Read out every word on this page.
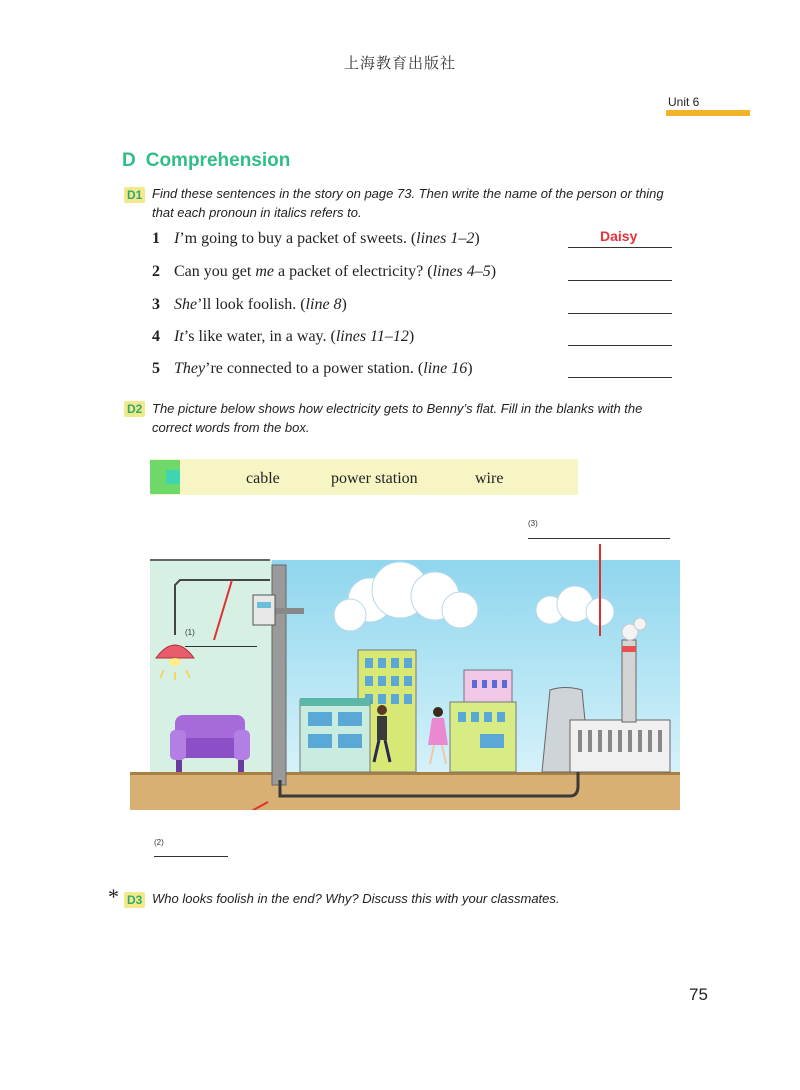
上海教育出版社
Unit 6
D Comprehension
D1 Find these sentences in the story on page 73. Then write the name of the person or thing that each pronoun in italics refers to.
1 I’m going to buy a packet of sweets. (lines 1–2)	Daisy
2 Can you get me a packet of electricity? (lines 4–5)
3 She’ll look foolish. (line 8)
4 It’s like water, in a way. (lines 11–12)
5 They’re connected to a power station. (line 16)
D2 The picture below shows how electricity gets to Benny’s flat. Fill in the blanks with the correct words from the box.
cable	power station	wire
(3)
(1)
(2)
* D3 Who looks foolish in the end? Why? Discuss this with your classmates.
75
